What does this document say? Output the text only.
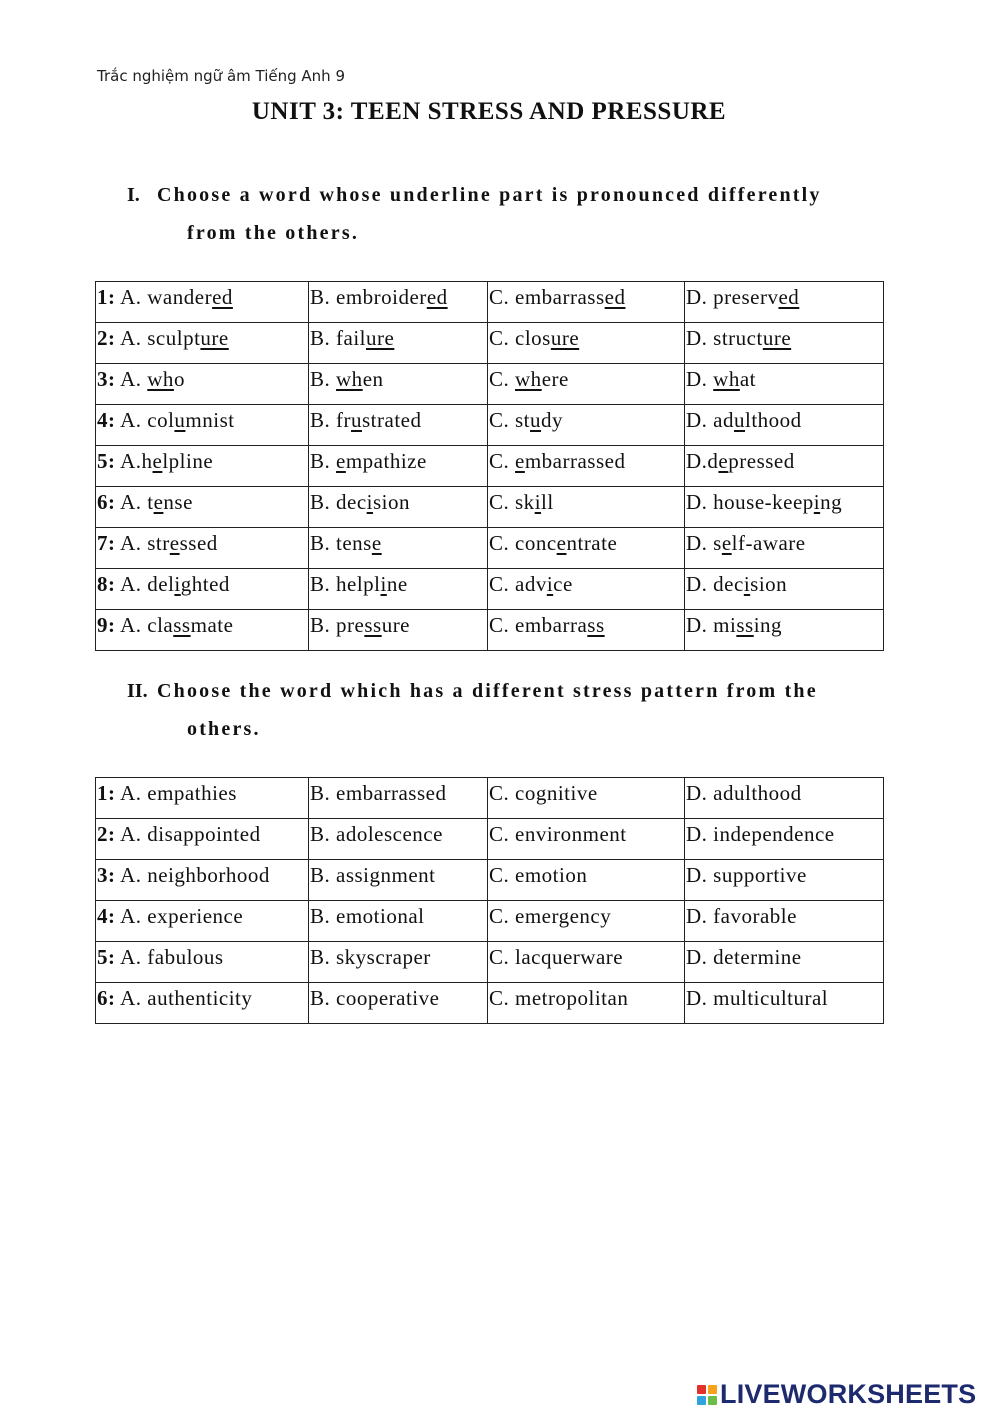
Trắc nghiệm ngữ âm Tiếng Anh 9
UNIT 3: TEEN STRESS AND PRESSURE
I. Choose a word whose underline part is pronounced differently
from the others.
1: A. wandered	B. embroidered	C. embarrassed	D. preserved
2: A. sculpture	B. failure	C. closure	D. structure
3: A. who	B. when	C. where	D. what
4: A. columnist	B. frustrated	C. study	D. adulthood
5: A.helpline	B. empathize	C. embarrassed	D.depressed
6: A. tense	B. decision	C. skill	D. house-keeping
7: A. stressed	B. tense	C. concentrate	D. self-aware
8: A. delighted	B. helpline	C. advice	D. decision
9: A. classmate	B. pressure	C. embarrass	D. missing
II. Choose the word which has a different stress pattern from the
others.
1: A. empathies	B. embarrassed	C. cognitive	D. adulthood
2: A. disappointed	B. adolescence	C. environment	D. independence
3: A. neighborhood	B. assignment	C. emotion	D. supportive
4: A. experience	B. emotional	C. emergency	D. favorable
5: A. fabulous	B. skyscraper	C. lacquerware	D. determine
6: A. authenticity	B. cooperative	C. metropolitan	D. multicultural
LIVEWORKSHEETS
